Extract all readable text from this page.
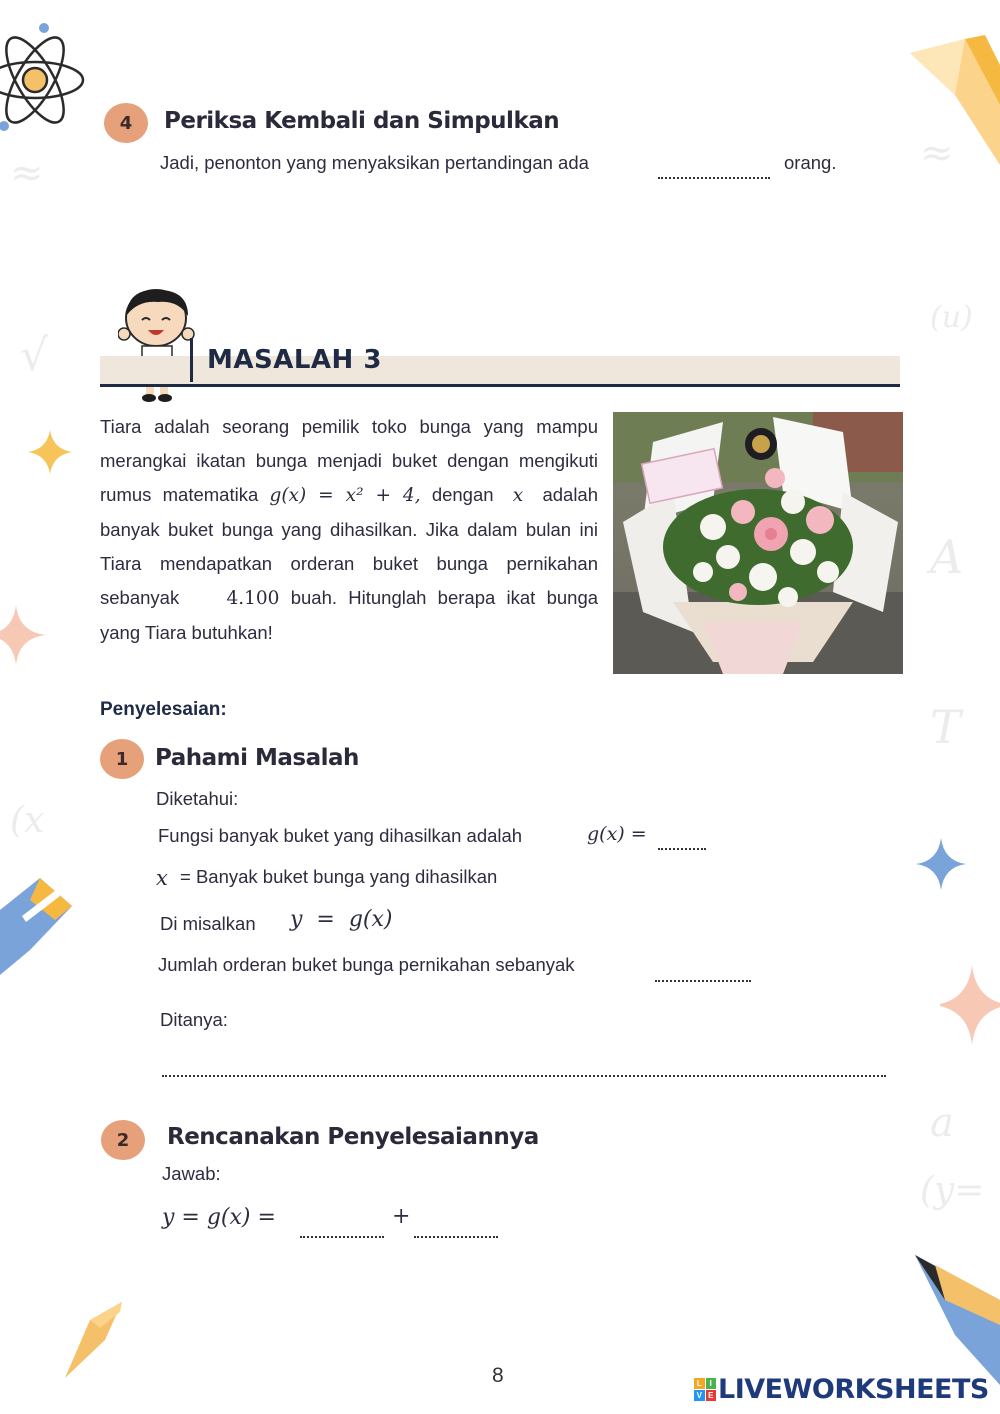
≈
√
≈
(u)
A
T
(x
a
(y=
4	Periksa Kembali dan Simpulkan
Jadi, penonton yang menyaksikan pertandingan ada	orang.
MASALAH 3

Tiara adalah seorang pemilik toko bunga yang mampu merangkai ikatan bunga menjadi buket dengan mengikuti rumus matematika g(x) = x² + 4, dengan x adalah banyak buket bunga yang dihasilkan. Jika dalam bulan ini Tiara mendapatkan orderan buket bunga pernikahan sebanyak	4.100 buah. Hitunglah berapa ikat bunga yang Tiara butuhkan!

Penyelesaian:
1	Pahami Masalah
Diketahui:
Fungsi banyak buket yang dihasilkan adalah	g(x) =
x = Banyak buket bunga yang dihasilkan
Di misalkan y  =  g(x)
Jumlah orderan buket bunga pernikahan sebanyak
Ditanya:
2	Rencanakan Penyelesaiannya
Jawab:
y = g(x) =	+
8	L I
V E LIVEWORKSHEETS
